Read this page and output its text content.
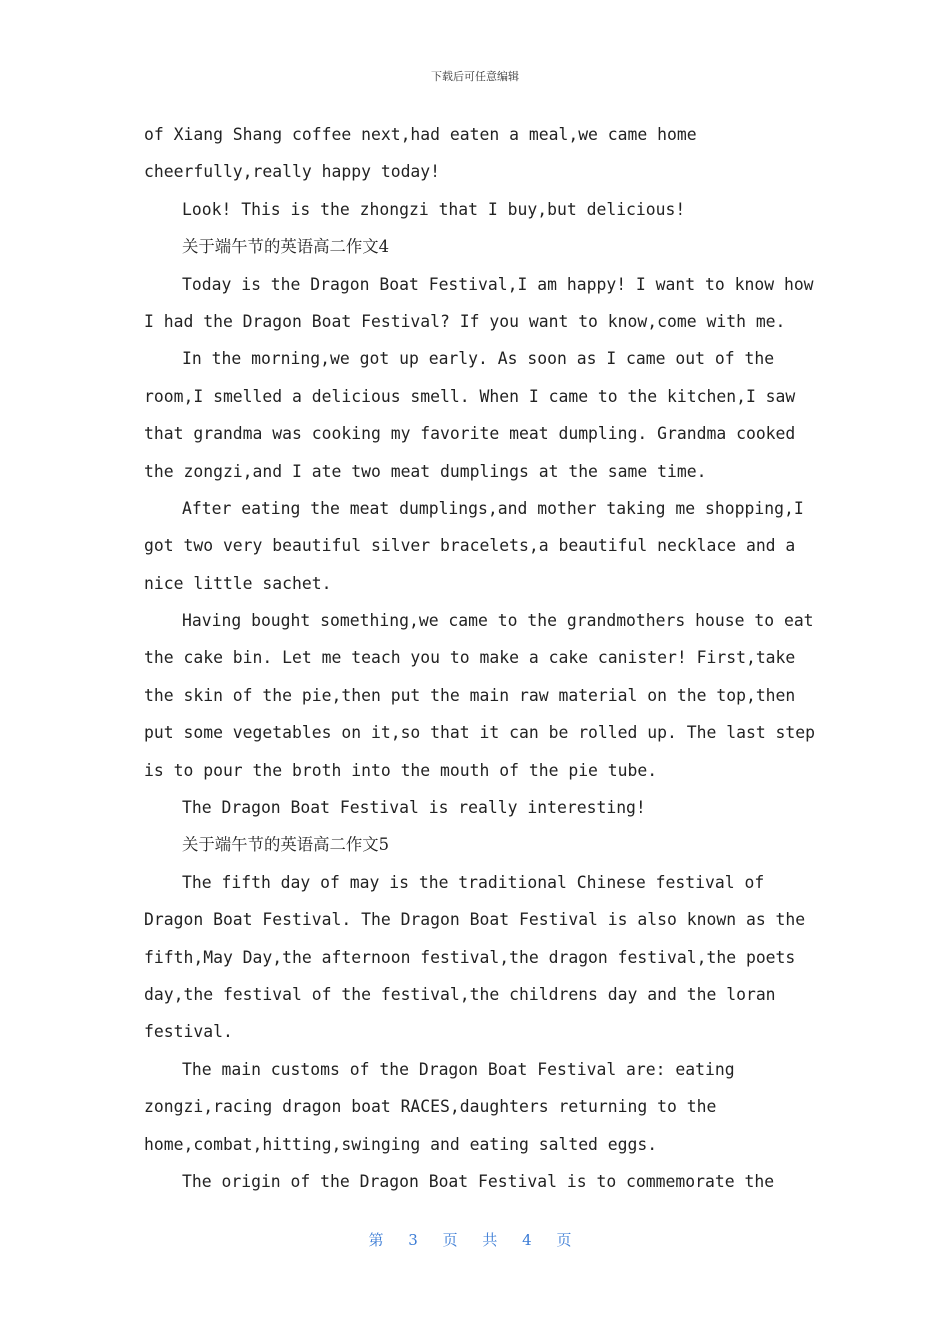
下载后可任意编辑
of Xiang Shang coffee next,had eaten a meal,we came home
cheerfully,really happy today!
Look! This is the zhongzi that I buy,but delicious!
关于端午节的英语高二作文4
Today is the Dragon Boat Festival,I am happy! I want to know how
I had the Dragon Boat Festival? If you want to know,come with me.
In the morning,we got up early. As soon as I came out of the
room,I smelled a delicious smell. When I came to the kitchen,I saw
that grandma was cooking my favorite meat dumpling. Grandma cooked
the zongzi,and I ate two meat dumplings at the same time.
After eating the meat dumplings,and mother taking me shopping,I
got two very beautiful silver bracelets,a beautiful necklace and a
nice little sachet.
Having bought something,we came to the grandmothers house to eat
the cake bin. Let me teach you to make a cake canister! First,take
the skin of the pie,then put the main raw material on the top,then
put some vegetables on it,so that it can be rolled up. The last step
is to pour the broth into the mouth of the pie tube.
The Dragon Boat Festival is really interesting!
关于端午节的英语高二作文5
The fifth day of may is the traditional Chinese festival of
Dragon Boat Festival. The Dragon Boat Festival is also known as the
fifth,May Day,the afternoon festival,the dragon festival,the poets
day,the festival of the festival,the childrens day and the loran
festival.
The main customs of the Dragon Boat Festival are: eating
zongzi,racing dragon boat RACES,daughters returning to the
home,combat,hitting,swinging and eating salted eggs.
The origin of the Dragon Boat Festival is to commemorate the
第 3 页 共 4 页
